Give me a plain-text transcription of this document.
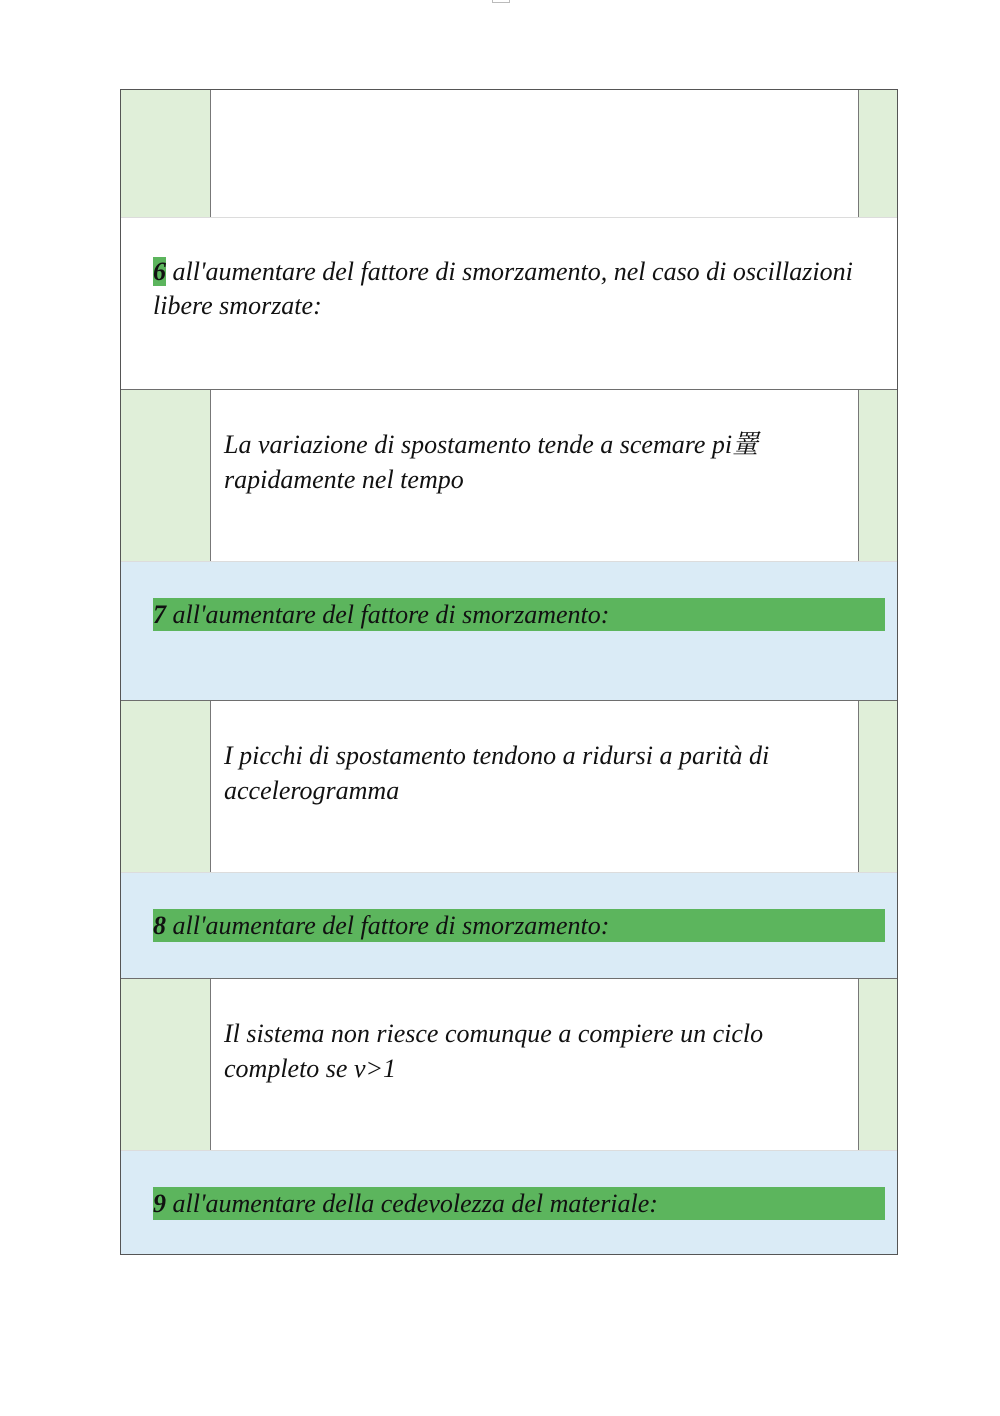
6 all'aumentare del fattore di smorzamento, nel caso di oscillazioni libere smorzate:
La variazione di spostamento tende a scemare pi罿rapidamente nel tempo
7 all'aumentare del fattore di smorzamento:
I picchi di spostamento tendono a ridursi a parità di accelerogramma
8 all'aumentare del fattore di smorzamento:
Il sistema non riesce comunque a compiere un ciclo completo se v>1
9 all'aumentare della cedevolezza del materiale:
